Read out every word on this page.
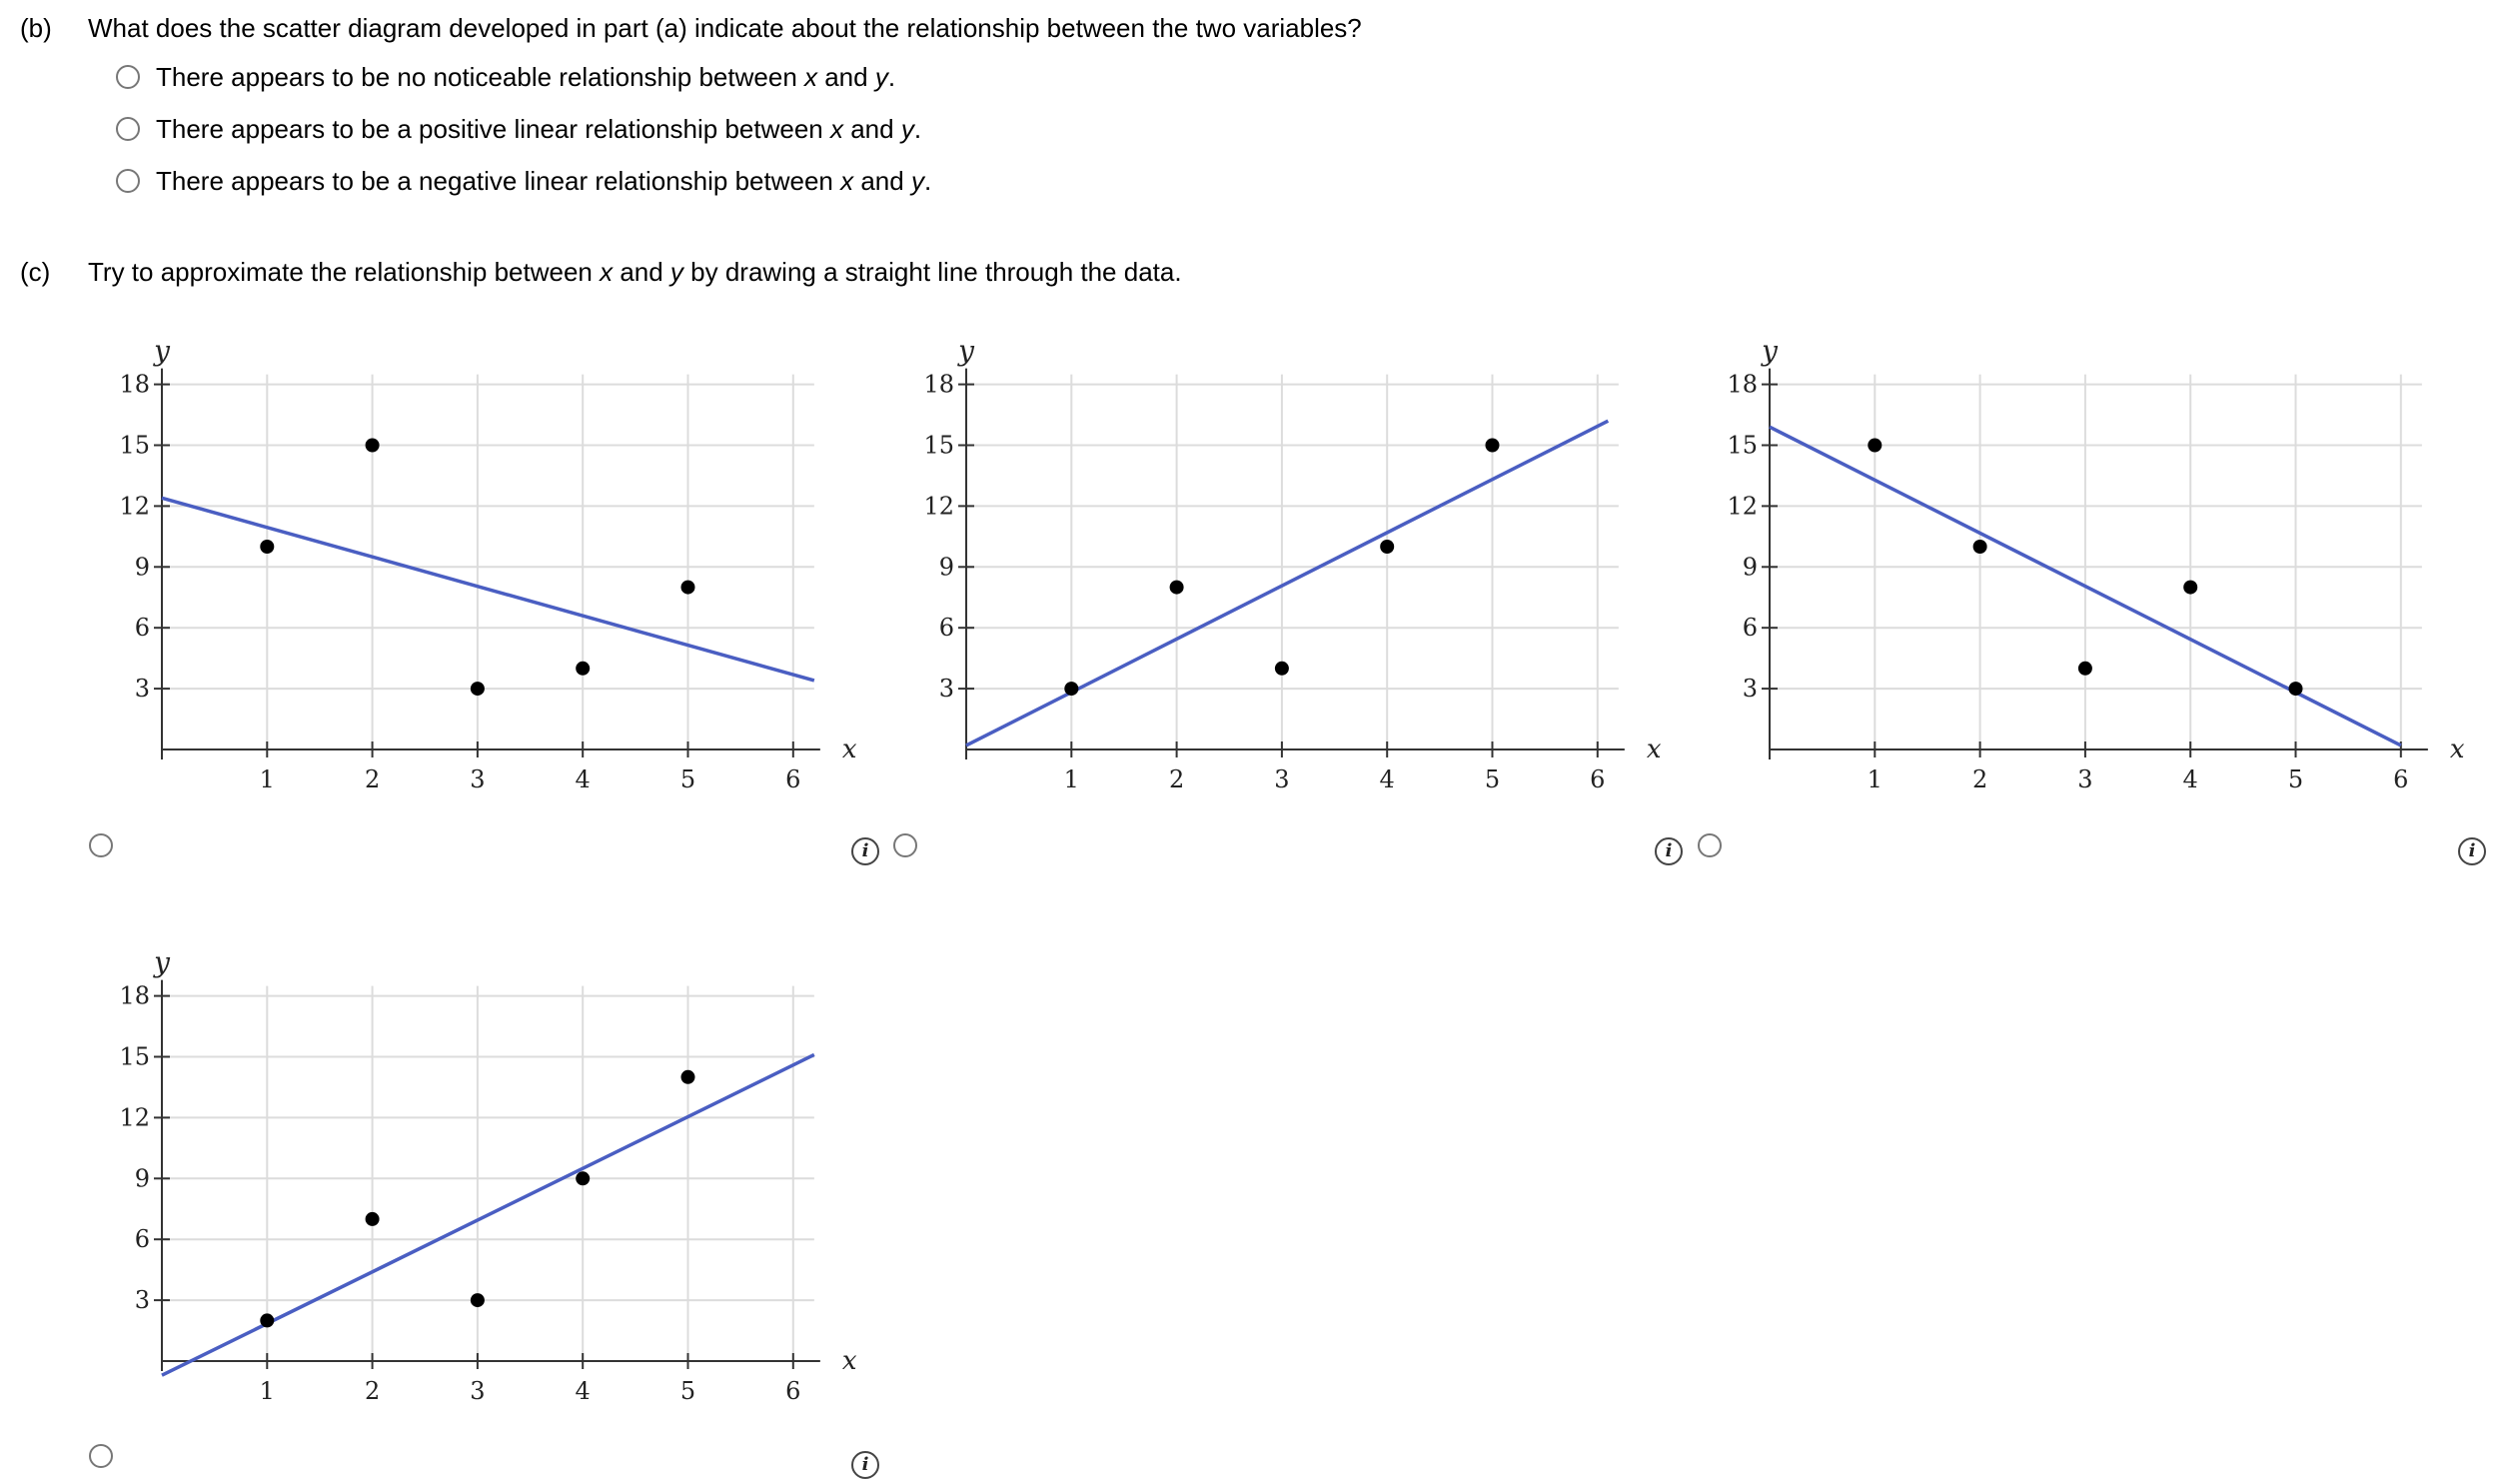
(b) What does the scatter diagram developed in part (a) indicate about the relationship between the two variables?
There appears to be no noticeable relationship between x and y.
There appears to be a positive linear relationship between x and y.
There appears to be a negative linear relationship between x and y.
(c) Try to approximate the relationship between x and y by drawing a straight line through the data.
1	2	3	4	5	6
3
6
9
12
15
18
x
y
1	2	3	4	5	6
3
6
9
12
15
18
x
y
1	2	3	4	5	6
3
6
9
12
15
18
x
y
1	2	3	4	5	6
3
6
9
12
15
18
x
y
i	i	i
i
